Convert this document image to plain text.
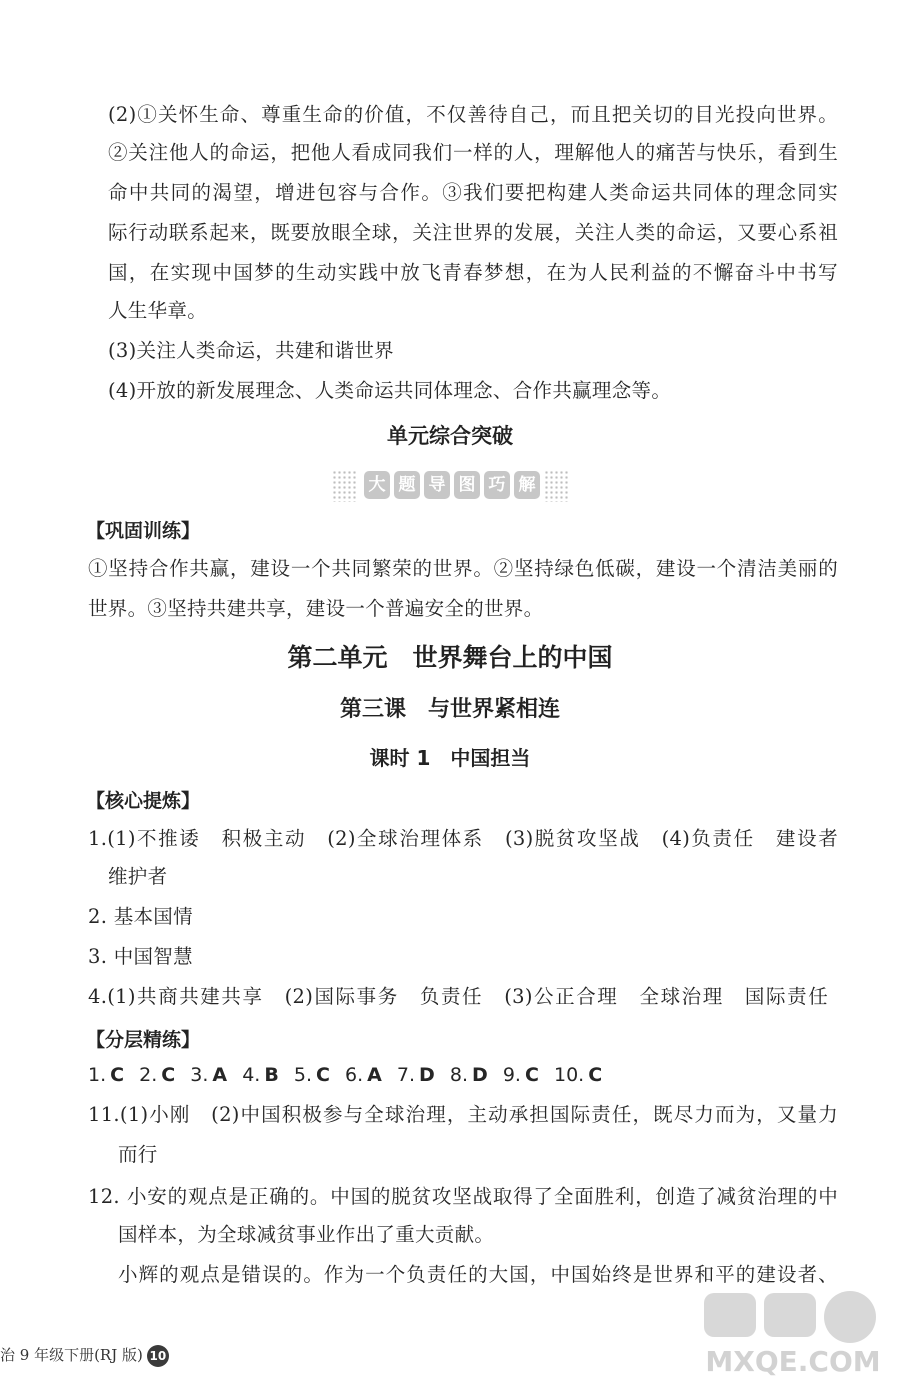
(2)①关怀生命、尊重生命的价值，不仅善待自己，而且把关切的目光投向世界。
②关注他人的命运，把他人看成同我们一样的人，理解他人的痛苦与快乐，看到生
命中共同的渴望，增进包容与合作。③我们要把构建人类命运共同体的理念同实
际行动联系起来，既要放眼全球，关注世界的发展，关注人类的命运，又要心系祖
国，在实现中国梦的生动实践中放飞青春梦想，在为人民利益的不懈奋斗中书写
人生华章。
(3)关注人类命运，共建和谐世界
(4)开放的新发展理念、人类命运共同体理念、合作共赢理念等。
单元综合突破
大 题 导 图 巧 解
【巩固训练】
①坚持合作共赢，建设一个共同繁荣的世界。②坚持绿色低碳，建设一个清洁美丽的
世界。③坚持共建共享，建设一个普遍安全的世界。
第二单元　世界舞台上的中国
第三课　与世界紧相连
课时 1　中国担当
【核心提炼】
1.(1)不推诿　积极主动　(2)全球治理体系　(3)脱贫攻坚战　(4)负责任　建设者
维护者
2. 基本国情
3. 中国智慧
4.(1)共商共建共享　(2)国际事务　负责任　(3)公正合理　全球治理　国际责任
【分层精练】
1. C 2. C 3. A 4. B 5. C 6. A 7. D 8. D 9. C 10. C
11.(1)小刚　(2)中国积极参与全球治理，主动承担国际责任，既尽力而为，又量力
而行
12. 小安的观点是正确的。中国的脱贫攻坚战取得了全面胜利，创造了减贫治理的中
国样本，为全球减贫事业作出了重大贡献。
小辉的观点是错误的。作为一个负责任的大国，中国始终是世界和平的建设者、
治 9 年级下册(RJ 版) 10	MXQE.COM
